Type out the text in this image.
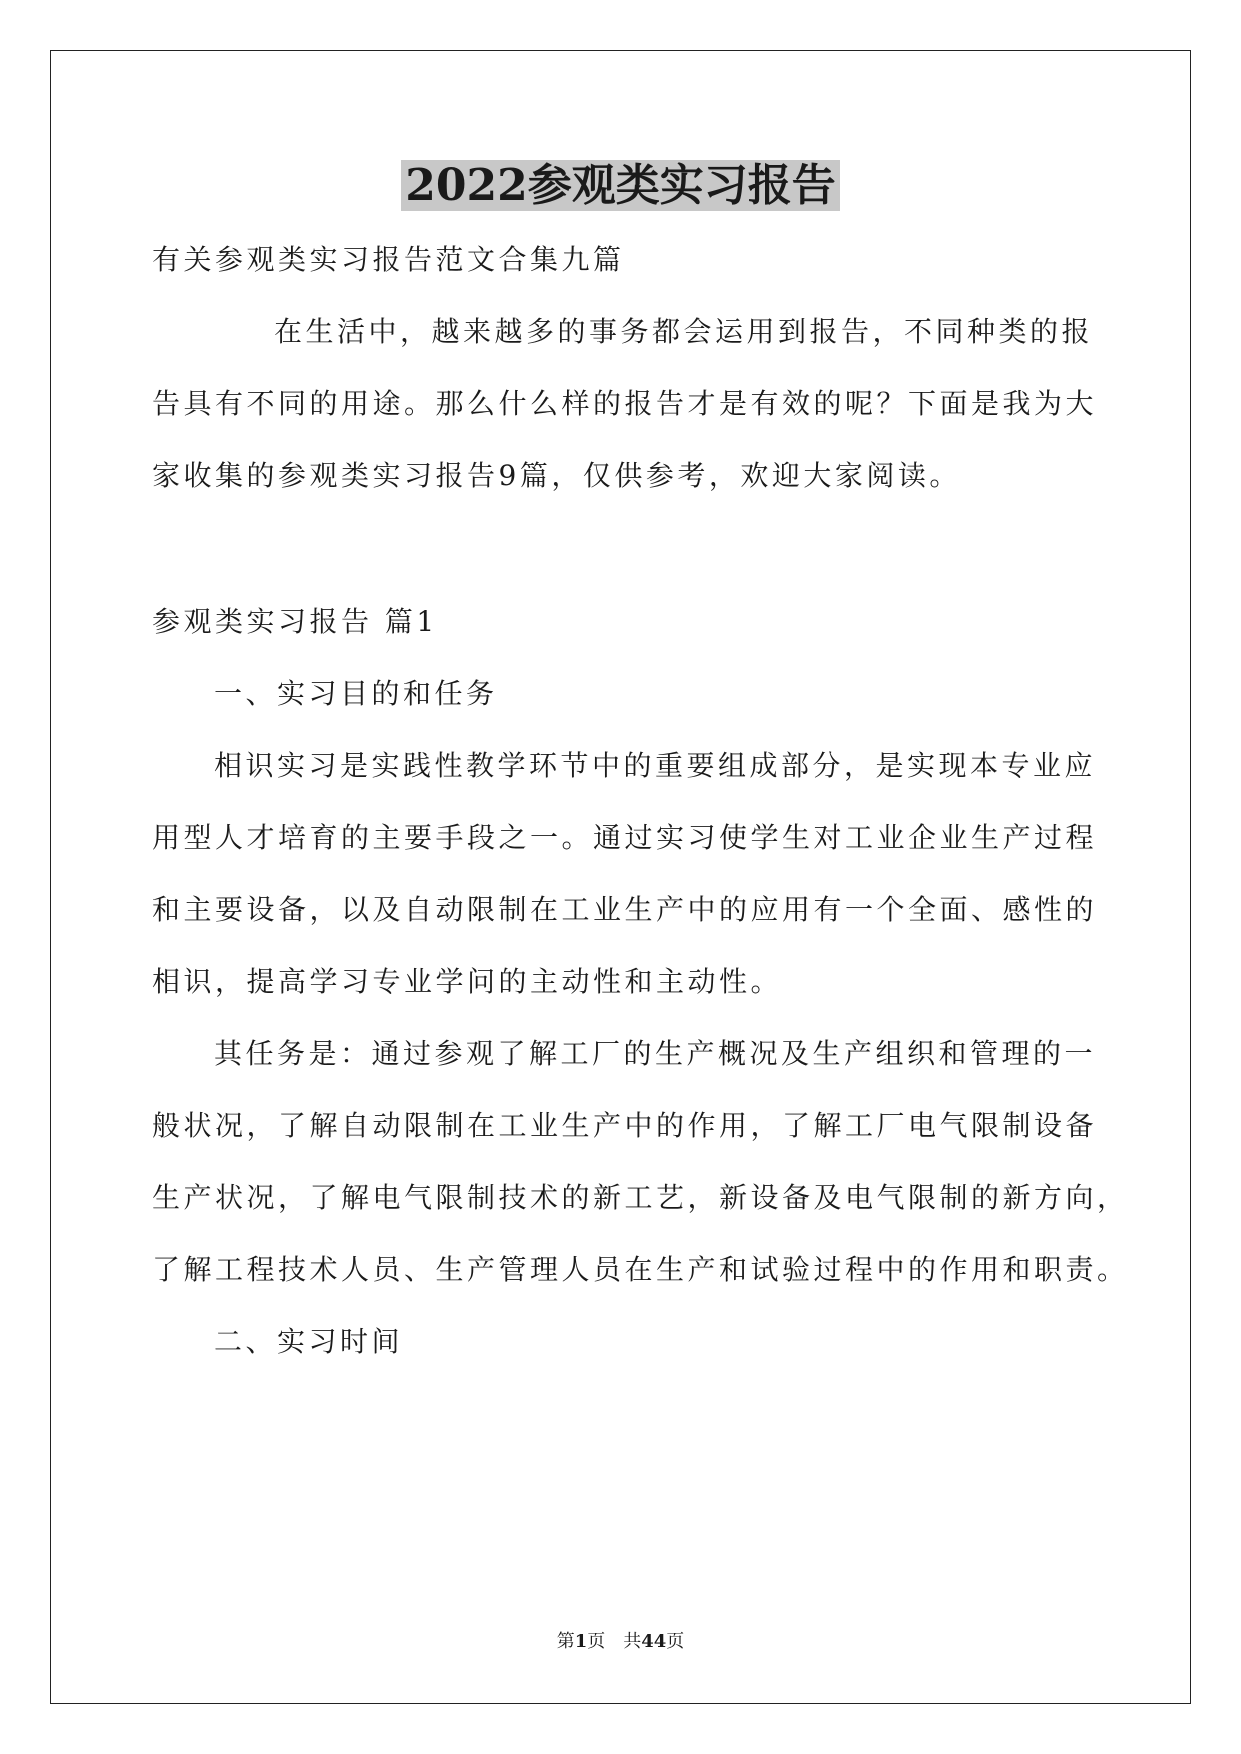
2022参观类实习报告
有关参观类实习报告范文合集九篇
在生活中，越来越多的事务都会运用到报告，不同种类的报
告具有不同的用途。那么什么样的报告才是有效的呢？下面是我为大
家收集的参观类实习报告9篇，仅供参考，欢迎大家阅读。
参观类实习报告 篇1
一、实习目的和任务
相识实习是实践性教学环节中的重要组成部分，是实现本专业应
用型人才培育的主要手段之一。通过实习使学生对工业企业生产过程
和主要设备，以及自动限制在工业生产中的应用有一个全面、感性的
相识，提高学习专业学问的主动性和主动性。
其任务是：通过参观了解工厂的生产概况及生产组织和管理的一
般状况，了解自动限制在工业生产中的作用，了解工厂电气限制设备
生产状况，了解电气限制技术的新工艺，新设备及电气限制的新方向，
了解工程技术人员、生产管理人员在生产和试验过程中的作用和职责。
二、实习时间
第1页　共44页
